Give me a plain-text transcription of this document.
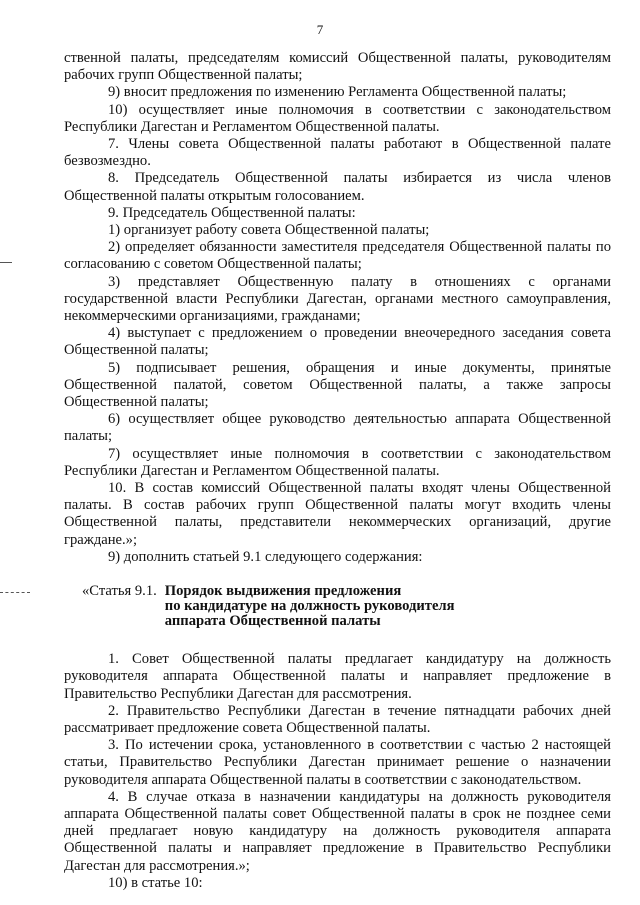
7

ственной палаты, председателям комиссий Общественной палаты, руководителям рабочих групп Общественной палаты;

9) вносит предложения по изменению Регламента Общественной палаты;

10) осуществляет иные полномочия в соответствии с законодательством Республики Дагестан и Регламентом Общественной палаты.

7. Члены совета Общественной палаты работают в Общественной палате безвозмездно.

8. Председатель Общественной палаты избирается из числа членов Общественной палаты открытым голосованием.

9. Председатель Общественной палаты:

1) организует работу совета Общественной палаты;

2) определяет обязанности заместителя председателя Общественной палаты по согласованию с советом Общественной палаты;

3) представляет Общественную палату в отношениях с органами государственной власти Республики Дагестан, органами местного самоуправления, некоммерческими организациями, гражданами;

4) выступает с предложением о проведении внеочередного заседания совета Общественной палаты;

5) подписывает решения, обращения и иные документы, принятые Общественной палатой, советом Общественной палаты, а также запросы Общественной палаты;

6) осуществляет общее руководство деятельностью аппарата Общественной палаты;

7) осуществляет иные полномочия в соответствии с законодательством Республики Дагестан и Регламентом Общественной палаты.

10. В состав комиссий Общественной палаты входят члены Общественной палаты. В состав рабочих групп Общественной палаты могут входить члены Общественной палаты, представители некоммерческих организаций, другие граждане.»;

9) дополнить статьей 9.1 следующего содержания:

«Статья 9.1. Порядок выдвижения предложения
по кандидатуре на должность руководителя
аппарата Общественной палаты

1. Совет Общественной палаты предлагает кандидатуру на должность руководителя аппарата Общественной палаты и направляет предложение в Правительство Республики Дагестан для рассмотрения.

2. Правительство Республики Дагестан в течение пятнадцати рабочих дней рассматривает предложение совета Общественной палаты.

3. По истечении срока, установленного в соответствии с частью 2 настоящей статьи, Правительство Республики Дагестан принимает решение о назначении руководителя аппарата Общественной палаты в соответствии с законодательством.

4. В случае отказа в назначении кандидатуры на должность руководителя аппарата Общественной палаты совет Общественной палаты в срок не позднее семи дней предлагает новую кандидатуру на должность руководителя аппарата Общественной палаты и направляет предложение в Правительство Республики Дагестан для рассмотрения.»;

10) в статье 10:
